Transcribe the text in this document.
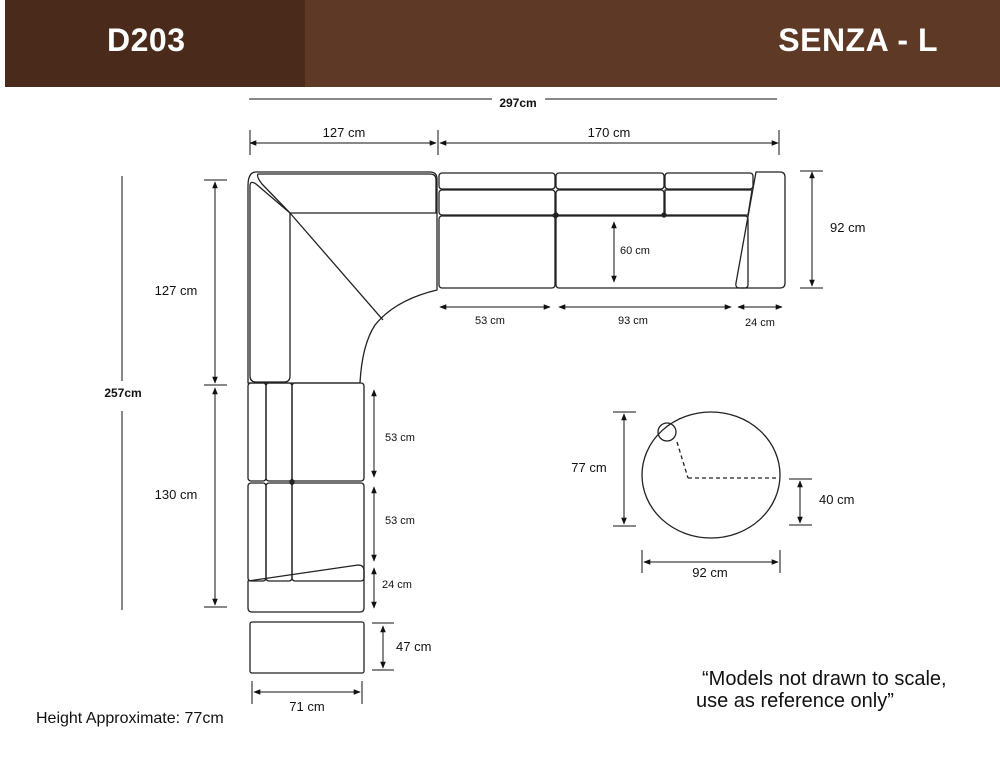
D203	SENZA - L
297cm
127 cm	170 cm
92 cm
60 cm
53 cm	93 cm	24 cm
257cm
127 cm
130 cm
53 cm
53 cm
24 cm
47 cm
71 cm
77 cm
40 cm
92 cm
“Models not drawn to scale,
use as reference only”
Height Approximate: 77cm
